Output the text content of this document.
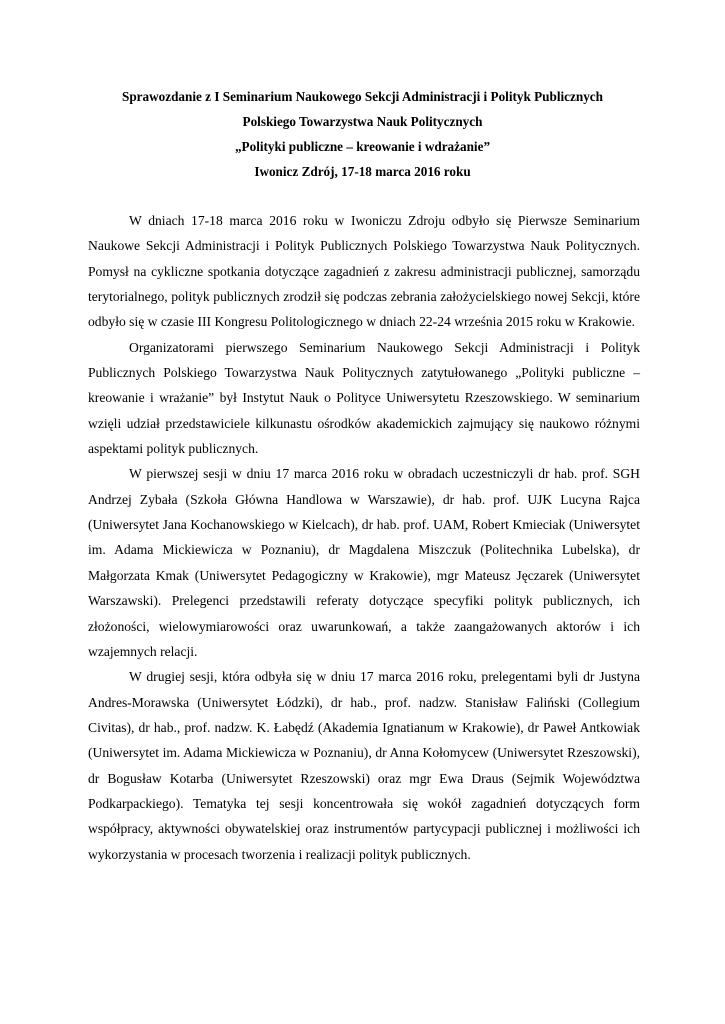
Sprawozdanie z I Seminarium Naukowego Sekcji Administracji i Polityk Publicznych
Polskiego Towarzystwa Nauk Politycznych
„Polityki publiczne – kreowanie i wdrażanie”
Iwonicz Zdrój, 17-18 marca 2016 roku

W dniach 17-18 marca 2016 roku w Iwoniczu Zdroju odbyło się Pierwsze Seminarium Naukowe Sekcji Administracji i Polityk Publicznych Polskiego Towarzystwa Nauk Politycznych. Pomysł na cykliczne spotkania dotyczące zagadnień z zakresu administracji publicznej, samorządu terytorialnego, polityk publicznych zrodził się podczas zebrania założycielskiego nowej Sekcji, które odbyło się w czasie III Kongresu Politologicznego w dniach 22-24 września 2015 roku w Krakowie.

Organizatorami pierwszego Seminarium Naukowego Sekcji Administracji i Polityk Publicznych Polskiego Towarzystwa Nauk Politycznych zatytułowanego „Polityki publiczne – kreowanie i wrażanie” był Instytut Nauk o Polityce Uniwersytetu Rzeszowskiego. W seminarium wzięli udział przedstawiciele kilkunastu ośrodków akademickich zajmujący się naukowo różnymi aspektami polityk publicznych.

W pierwszej sesji w dniu 17 marca 2016 roku w obradach uczestniczyli dr hab. prof. SGH Andrzej Zybała (Szkoła Główna Handlowa w Warszawie), dr hab. prof. UJK Lucyna Rajca (Uniwersytet Jana Kochanowskiego w Kielcach), dr hab. prof. UAM, Robert Kmieciak (Uniwersytet im. Adama Mickiewicza w Poznaniu), dr Magdalena Miszczuk (Politechnika Lubelska), dr Małgorzata Kmak (Uniwersytet Pedagogiczny w Krakowie), mgr Mateusz Jęczarek (Uniwersytet Warszawski). Prelegenci przedstawili referaty dotyczące specyfiki polityk publicznych, ich złożoności, wielowymiarowości oraz uwarunkowań, a także zaangażowanych aktorów i ich wzajemnych relacji.

W drugiej sesji, która odbyła się w dniu 17 marca 2016 roku, prelegentami byli dr Justyna Andres-Morawska (Uniwersytet Łódzki), dr hab., prof. nadzw. Stanisław Faliński (Collegium Civitas), dr hab., prof. nadzw. K. Łabędź (Akademia Ignatianum w Krakowie), dr Paweł Antkowiak (Uniwersytet im. Adama Mickiewicza w Poznaniu), dr Anna Kołomycew (Uniwersytet Rzeszowski), dr Bogusław Kotarba (Uniwersytet Rzeszowski) oraz mgr Ewa Draus (Sejmik Województwa Podkarpackiego). Tematyka tej sesji koncentrowała się wokół zagadnień dotyczących form współpracy, aktywności obywatelskiej oraz instrumentów partycypacji publicznej i możliwości ich wykorzystania w procesach tworzenia i realizacji polityk publicznych.
